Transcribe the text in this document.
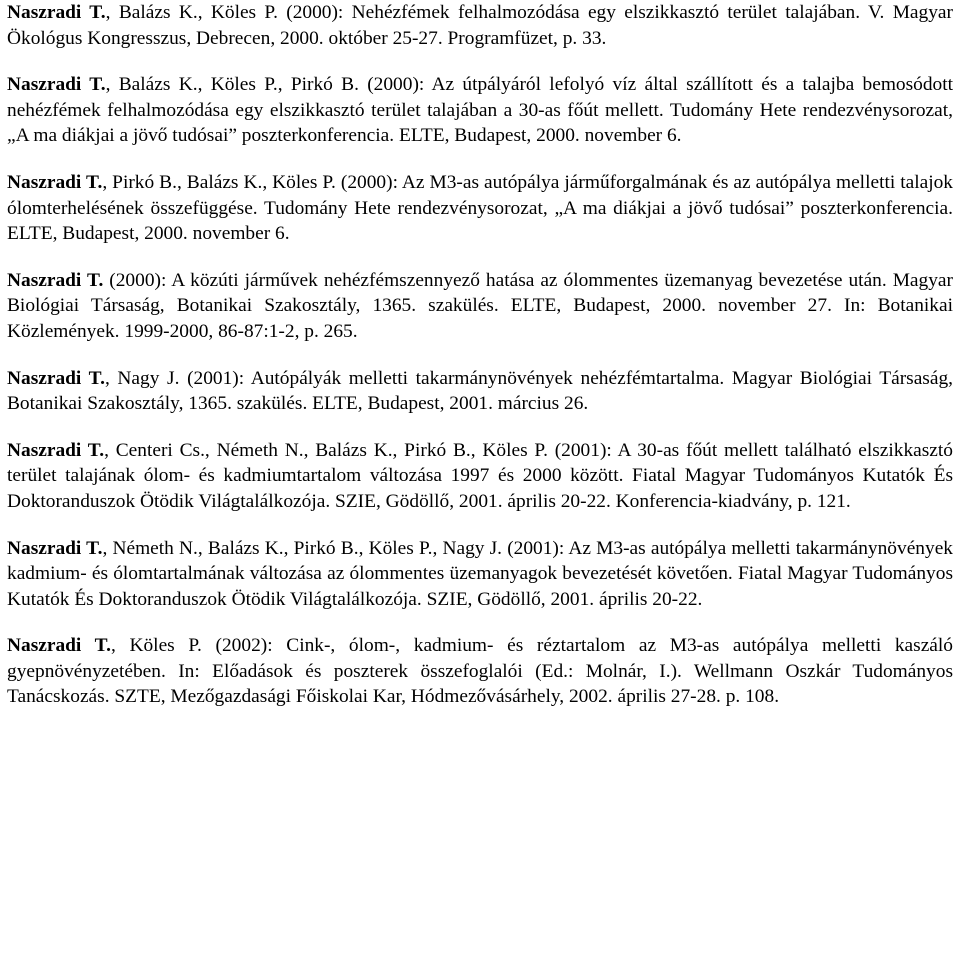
Naszradi T., Balázs K., Köles P. (2000): Nehézfémek felhalmozódása egy elszikkasztó terület talajában. V. Magyar Ökológus Kongresszus, Debrecen, 2000. október 25-27. Programfüzet, p. 33.

Naszradi T., Balázs K., Köles P., Pirkó B. (2000): Az útpályáról lefolyó víz által szállított és a talajba bemosódott nehézfémek felhalmozódása egy elszikkasztó terület talajában a 30-as főút mellett. Tudomány Hete rendezvénysorozat, „A ma diákjai a jövő tudósai” poszterkonferencia. ELTE, Budapest, 2000. november 6.

Naszradi T., Pirkó B., Balázs K., Köles P. (2000): Az M3-as autópálya járműforgalmának és az autópálya melletti talajok ólomterhelésének összefüggése. Tudomány Hete rendezvénysorozat, „A ma diákjai a jövő tudósai” poszterkonferencia. ELTE, Budapest, 2000. november 6.

Naszradi T. (2000): A közúti járművek nehézfémszennyező hatása az ólommentes üzemanyag bevezetése után. Magyar Biológiai Társaság, Botanikai Szakosztály, 1365. szakülés. ELTE, Budapest, 2000. november 27. In: Botanikai Közlemények. 1999-2000, 86-87:1-2, p. 265.

Naszradi T., Nagy J. (2001): Autópályák melletti takarmánynövények nehézfémtartalma. Magyar Biológiai Társaság, Botanikai Szakosztály, 1365. szakülés. ELTE, Budapest, 2001. március 26.

Naszradi T., Centeri Cs., Németh N., Balázs K., Pirkó B., Köles P. (2001): A 30-as főút mellett található elszikkasztó terület talajának ólom- és kadmiumtartalom változása 1997 és 2000 között. Fiatal Magyar Tudományos Kutatók És Doktoranduszok Ötödik Világtalálkozója. SZIE, Gödöllő, 2001. április 20-22. Konferencia-kiadvány, p. 121.

Naszradi T., Németh N., Balázs K., Pirkó B., Köles P., Nagy J. (2001): Az M3-as autópálya melletti takarmánynövények kadmium- és ólomtartalmának változása az ólommentes üzemanyagok bevezetését követően. Fiatal Magyar Tudományos Kutatók És Doktoranduszok Ötödik Világtalálkozója. SZIE, Gödöllő, 2001. április 20-22.

Naszradi T., Köles P. (2002): Cink-, ólom-, kadmium- és réztartalom az M3-as autópálya melletti kaszáló gyepnövényzetében. In: Előadások és poszterek összefoglalói (Ed.: Molnár, I.). Wellmann Oszkár Tudományos Tanácskozás. SZTE, Mezőgazdasági Főiskolai Kar, Hódmezővásárhely, 2002. április 27-28. p. 108.
